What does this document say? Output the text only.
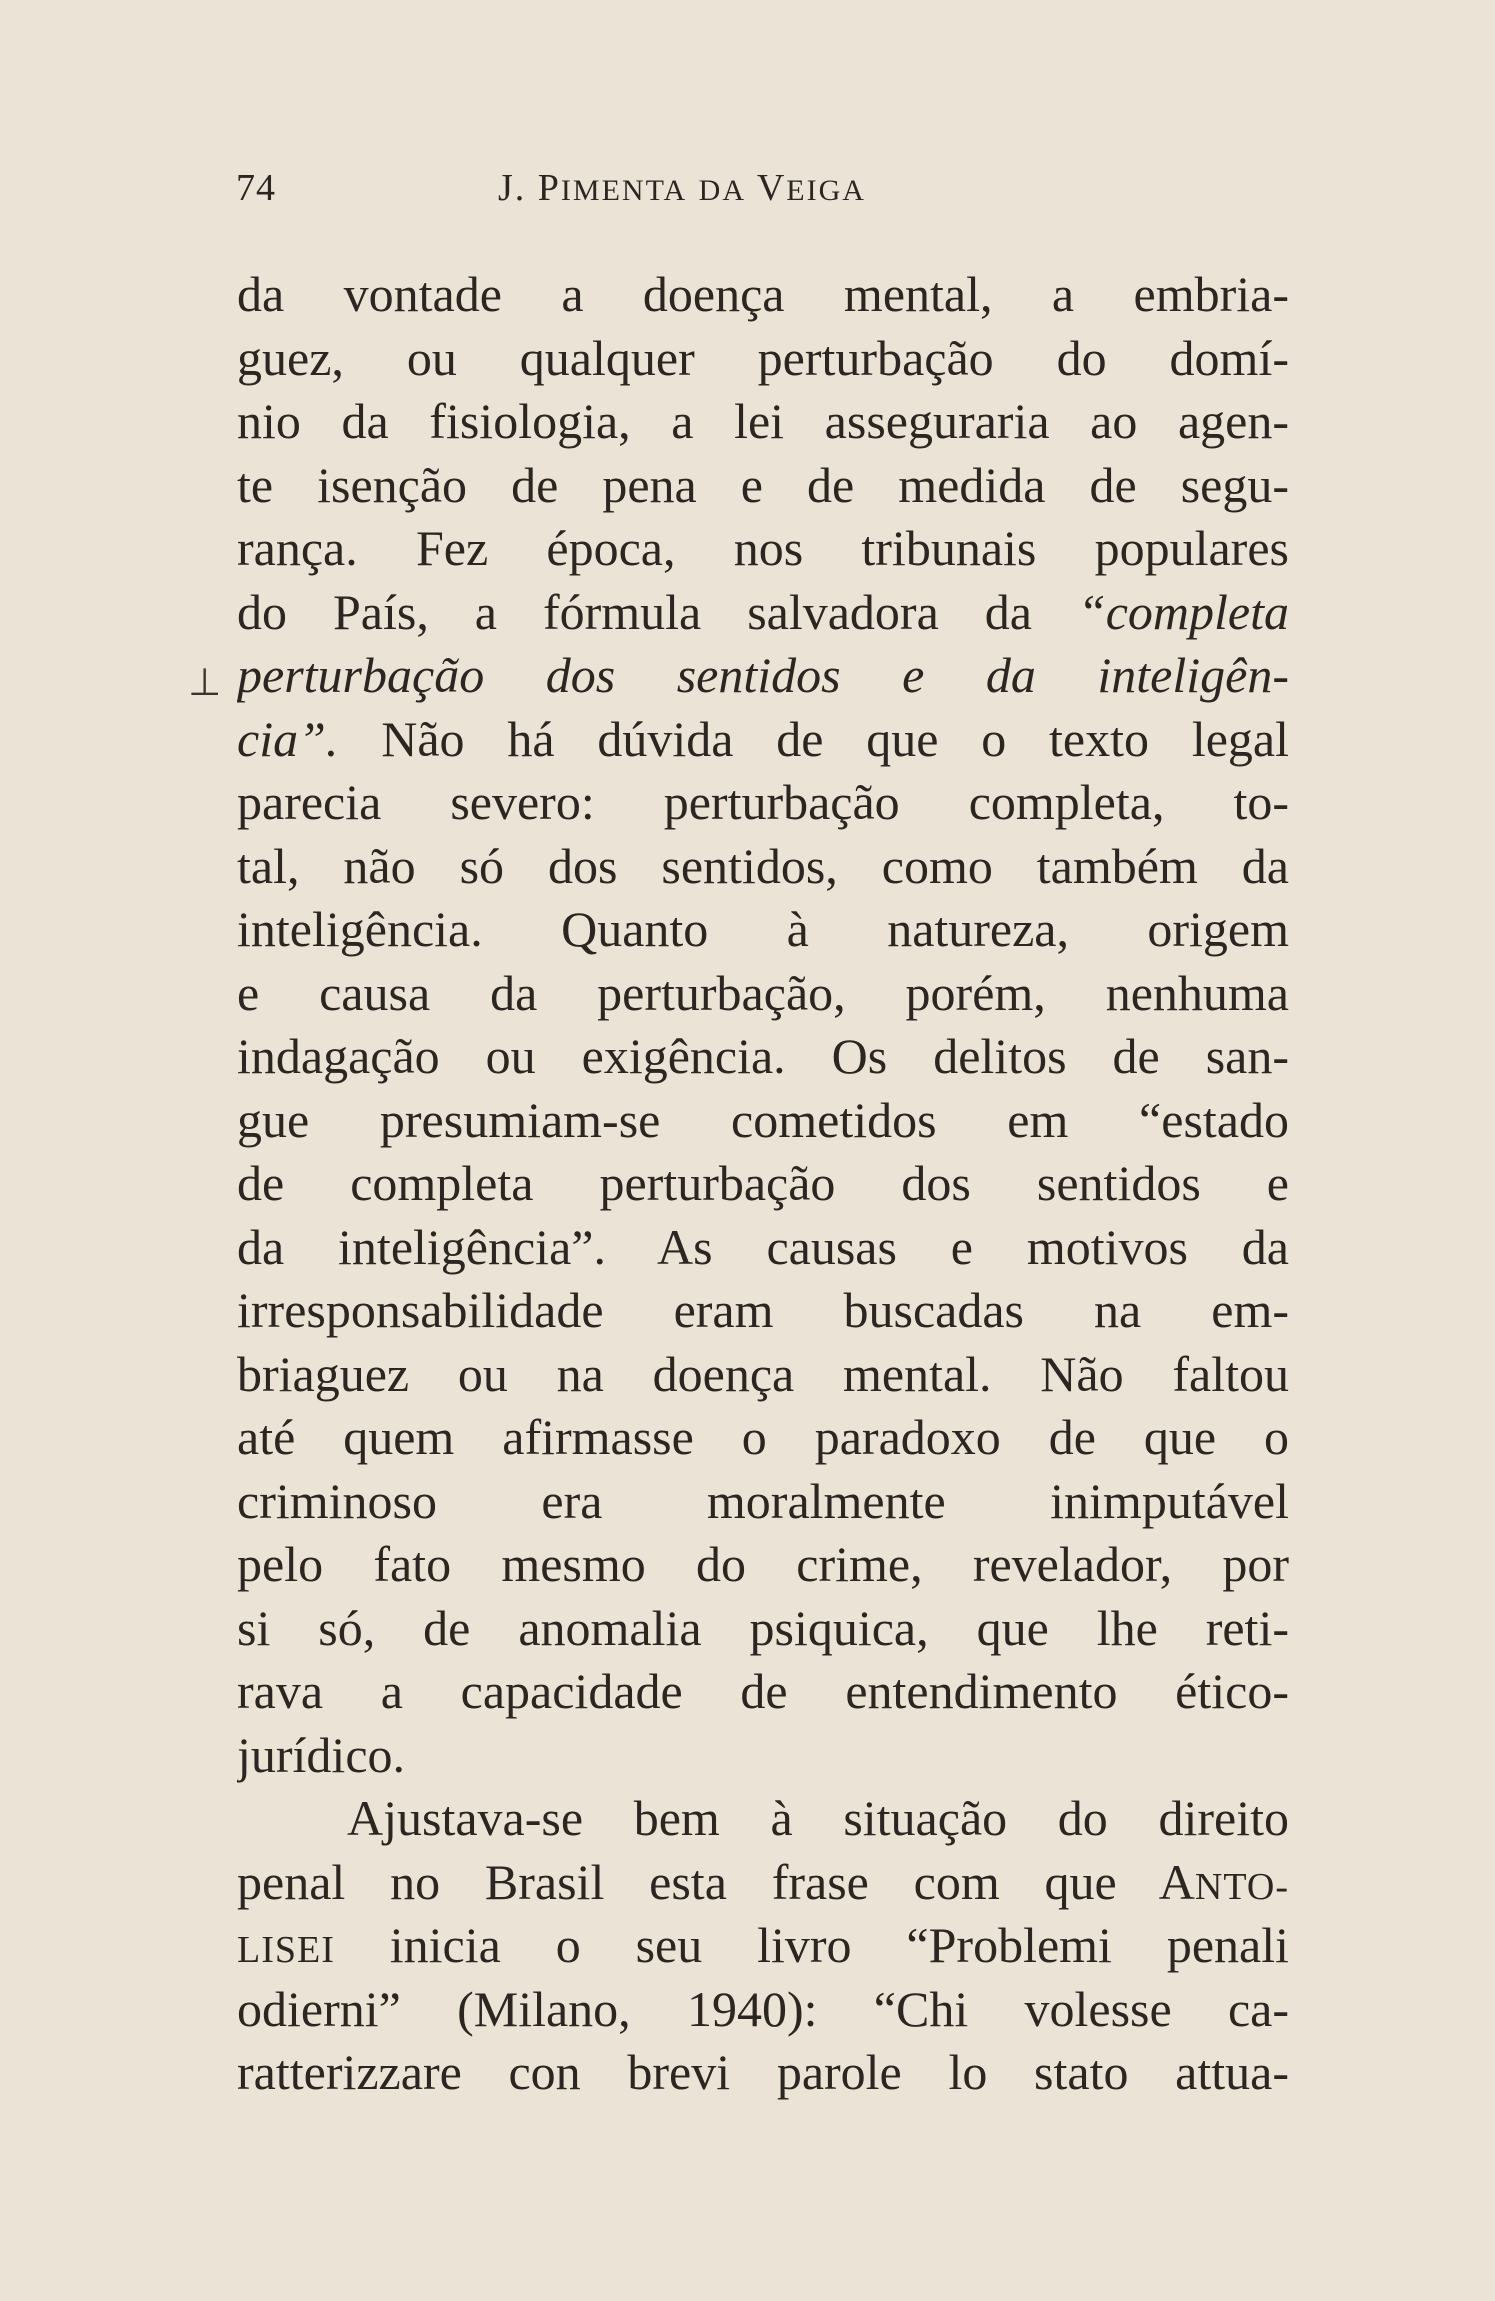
74	J. PIMENTA DA VEIGA
⊥
da vontade a doença mental, a embria-
guez, ou qualquer perturbação do domí-
nio da fisiologia, a lei asseguraria ao agen-
te isenção de pena e de medida de segu-
rança. Fez época, nos tribunais populares
do País, a fórmula salvadora da “completa
perturbação dos sentidos e da inteligên-
cia”. Não há dúvida de que o texto legal
parecia severo: perturbação completa, to-
tal, não só dos sentidos, como também da
inteligência. Quanto à natureza, origem
e causa da perturbação, porém, nenhuma
indagação ou exigência. Os delitos de san-
gue presumiam-se cometidos em “estado
de completa perturbação dos sentidos e
da inteligência”. As causas e motivos da
irresponsabilidade eram buscadas na em-
briaguez ou na doença mental. Não faltou
até quem afirmasse o paradoxo de que o
criminoso era moralmente inimputável
pelo fato mesmo do crime, revelador, por
si só, de anomalia psiquica, que lhe reti-
rava a capacidade de entendimento ético-
jurídico.
Ajustava-se bem à situação do direito
penal no Brasil esta frase com que ANTO-
LISEI inicia o seu livro “Problemi penali
odierni” (Milano, 1940): “Chi volesse ca-
ratterizzare con brevi parole lo stato attua-
